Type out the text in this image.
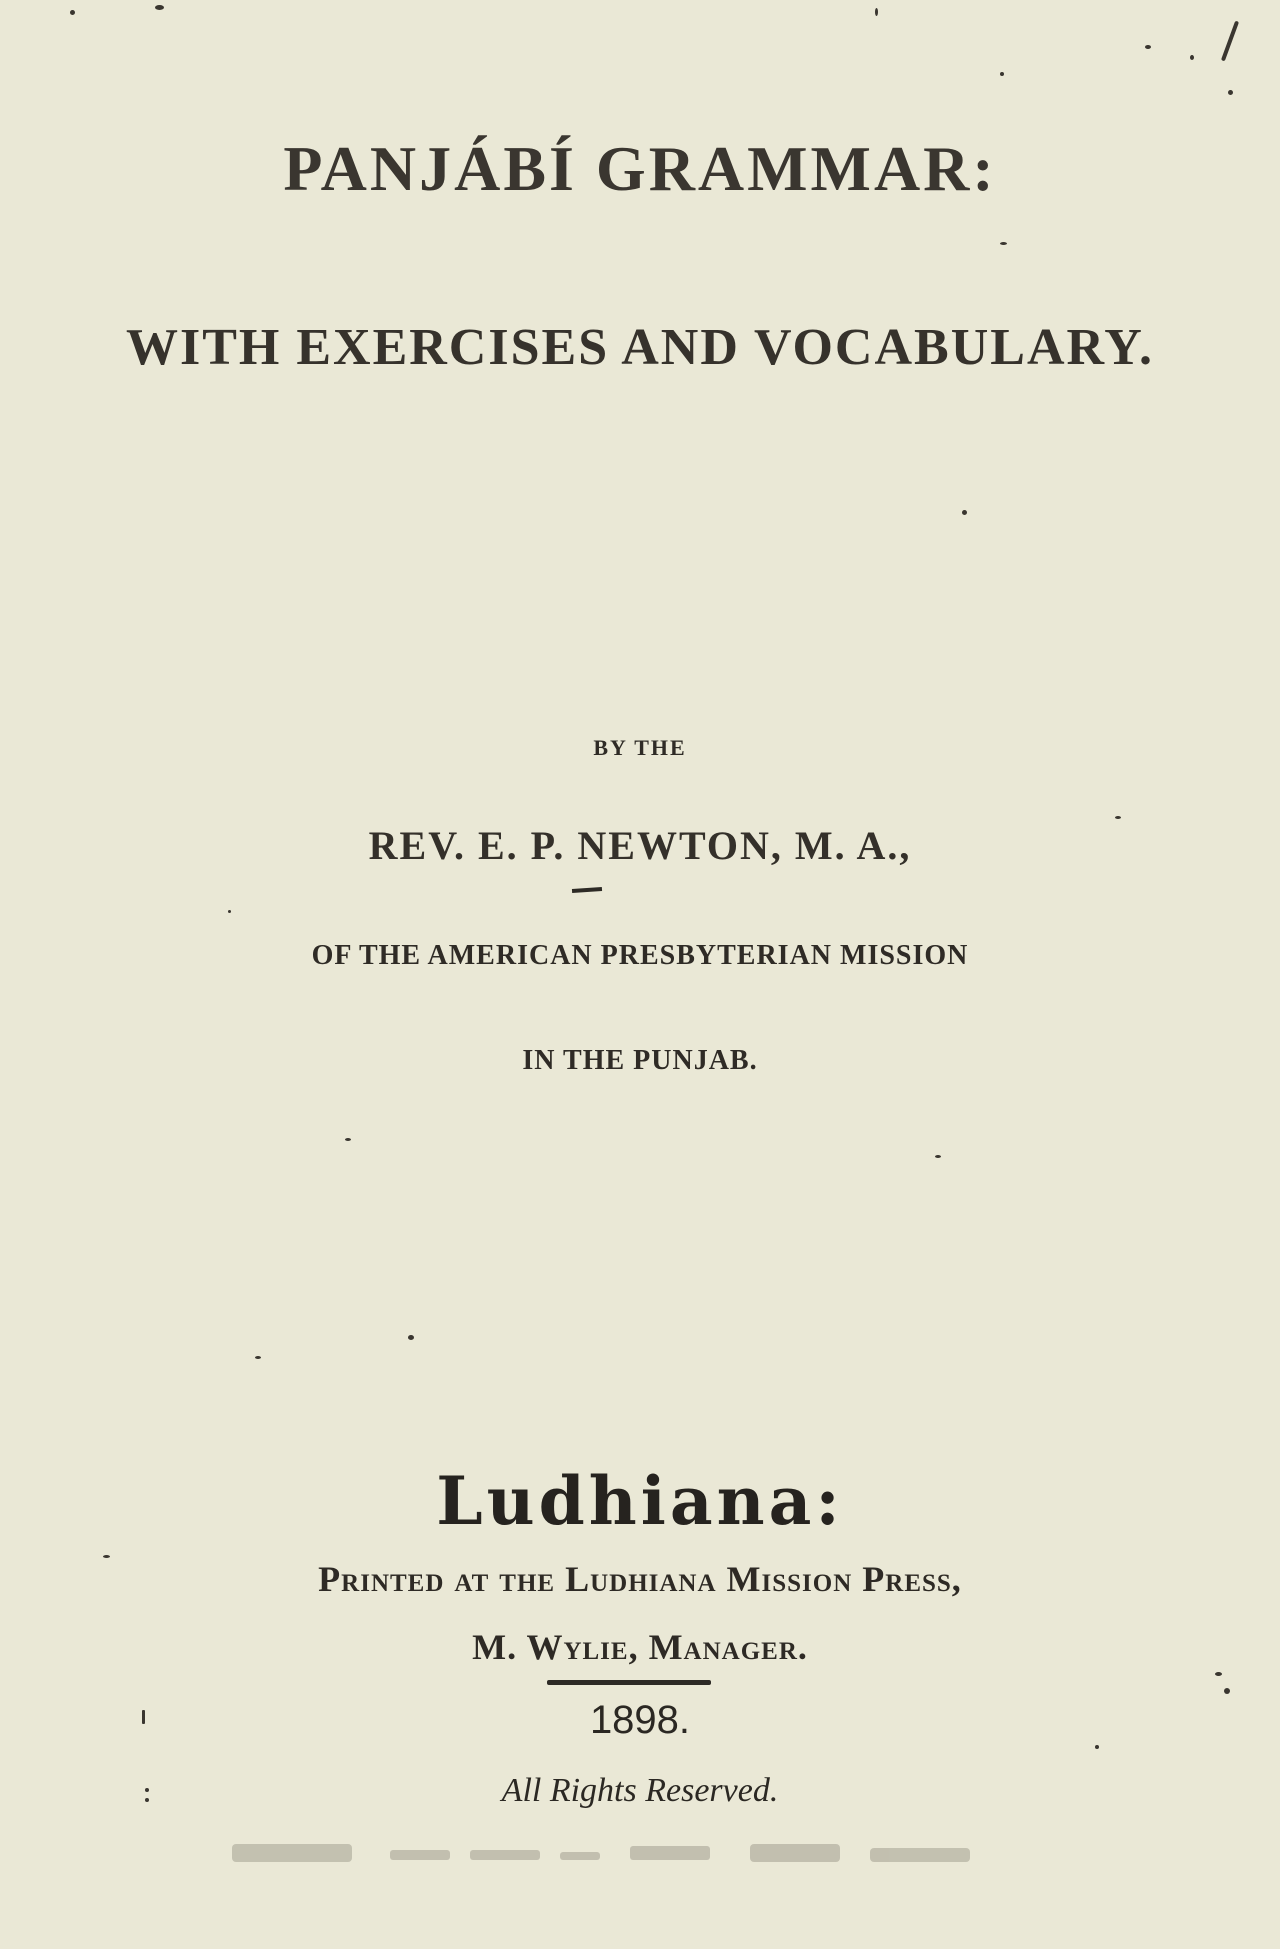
PANJÁBÍ GRAMMAR:
WITH EXERCISES AND VOCABULARY.
BY THE
REV. E. P. NEWTON, M. A.,
OF THE AMERICAN PRESBYTERIAN MISSION
IN THE PUNJAB.
Ludhiana:
Printed at the Ludhiana Mission Press,
M. Wylie, Manager.
1898.
All Rights Reserved.
